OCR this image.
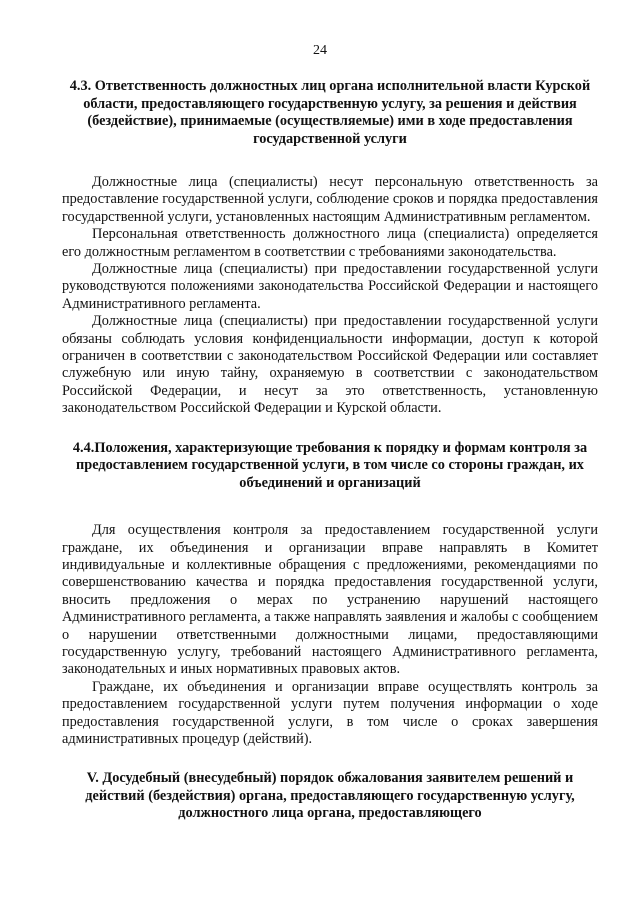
24
4.3. Ответственность должностных лиц органа исполнительной власти Курской области, предоставляющего государственную услугу, за решения и действия (бездействие), принимаемые (осуществляемые) ими в ходе предоставления государственной услуги

Должностные лица (специалисты) несут персональную ответственность за предоставление государственной услуги, соблюдение сроков и порядка предоставления государственной услуги, установленных настоящим Административным регламентом.

Персональная ответственность должностного лица (специалиста) определяется его должностным регламентом в соответствии с требованиями законодательства.

Должностные лица (специалисты) при предоставлении государственной услуги руководствуются положениями законодательства Российской Федерации и настоящего Административного регламента.

Должностные лица (специалисты) при предоставлении государственной услуги обязаны соблюдать условия конфиденциальности информации, доступ к которой ограничен в соответствии с законодательством Российской Федерации или составляет служебную или иную тайну, охраняемую в соответствии с законодательством Российской Федерации, и несут за это ответственность, установленную законодательством Российской Федерации и Курской области.

4.4.Положения, характеризующие требования к порядку и формам контроля за предоставлением государственной услуги, в том числе со стороны граждан, их объединений и организаций

Для осуществления контроля за предоставлением государственной услуги граждане, их объединения и организации вправе направлять в Комитет индивидуальные и коллективные обращения с предложениями, рекомендациями по совершенствованию качества и порядка предоставления государственной услуги, вносить предложения о мерах по устранению нарушений настоящего Административного регламента, а также направлять заявления и жалобы с сообщением о нарушении ответственными должностными лицами, предоставляющими государственную услугу, требований настоящего Административного регламента, законодательных и иных нормативных правовых актов.

Граждане, их объединения и организации вправе осуществлять контроль за предоставлением государственной услуги путем получения информации о ходе предоставления государственной услуги, в том числе о сроках завершения административных процедур (действий).

V. Досудебный (внесудебный) порядок обжалования заявителем решений и действий (бездействия) органа, предоставляющего государственную услугу, должностного лица органа, предоставляющего
